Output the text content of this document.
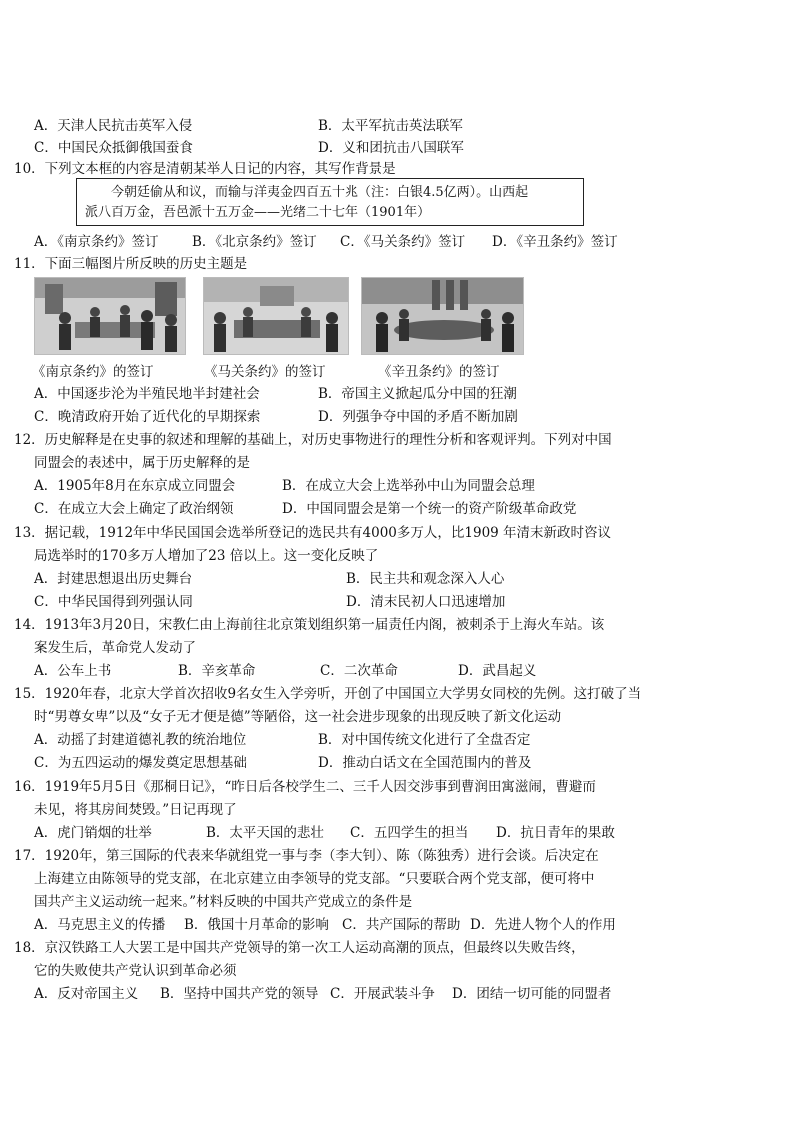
A．天津人民抗击英军入侵	B．太平军抗击英法联军
C．中国民众抵御俄国蚕食	D．义和团抗击八国联军
10．下列文本框的内容是清朝某举人日记的内容，其写作背景是
今朝廷偷从和议，而输与洋夷金四百五十兆（注：白银4.5亿两）。山西起
派八百万金，吾邑派十五万金——光绪二十七年（1901年）
A．《南京条约》签订 B．《北京条约》签订 C．《马关条约》签订 D．《辛丑条约》签订
11．下面三幅图片所反映的历史主题是
《南京条约》的签订	《马关条约》的签订	《辛丑条约》的签订
A．中国逐步沦为半殖民地半封建社会	B．帝国主义掀起瓜分中国的狂潮
C．晚清政府开始了近代化的早期探索	D．列强争夺中国的矛盾不断加剧
12．历史解释是在史事的叙述和理解的基础上，对历史事物进行的理性分析和客观评判。下列对中国
同盟会的表述中，属于历史解释的是
A．1905年8月在东京成立同盟会	B．在成立大会上选举孙中山为同盟会总理
C．在成立大会上确定了政治纲领	D．中国同盟会是第一个统一的资产阶级革命政党
13．据记载，1912年中华民国国会选举所登记的选民共有4000多万人，比1909 年清末新政时咨议
局选举时的170多万人增加了23 倍以上。这一变化反映了
A．封建思想退出历史舞台	B．民主共和观念深入人心
C．中华民国得到列强认同	D．清末民初人口迅速增加
14．1913年3月20日，宋教仁由上海前往北京策划组织第一届责任内阁，被刺杀于上海火车站。该
案发生后，革命党人发动了
A．公车上书	B．辛亥革命	C．二次革命	D．武昌起义
15．1920年春，北京大学首次招收9名女生入学旁听，开创了中国国立大学男女同校的先例。这打破了当
时“男尊女卑”以及“女子无才便是德”等陋俗，这一社会进步现象的出现反映了新文化运动
A．动摇了封建道德礼教的统治地位	B．对中国传统文化进行了全盘否定
C．为五四运动的爆发奠定思想基础	D．推动白话文在全国范围内的普及
16．1919年5月5日《那桐日记》，“昨日后各校学生二、三千人因交涉事到曹润田寓滋闹，曹避而
未见，将其房间焚毁。”日记再现了
A．虎门销烟的壮举	B．太平天国的悲壮 C．五四学生的担当 D．抗日青年的果敢
17．1920年，第三国际的代表来华就组党一事与李（李大钊）、陈（陈独秀）进行会谈。后决定在
上海建立由陈领导的党支部，在北京建立由李领导的党支部。“只要联合两个党支部，便可将中
国共产主义运动统一起来。”材料反映的中国共产党成立的条件是
A．马克思主义的传播 B．俄国十月革命的影响 C．共产国际的帮助 D．先进人物个人的作用
18．京汉铁路工人大罢工是中国共产党领导的第一次工人运动高潮的顶点，但最终以失败告终，
它的失败使共产党认识到革命必须
A．反对帝国主义 B．坚持中国共产党的领导 C．开展武装斗争 D．团结一切可能的同盟者
